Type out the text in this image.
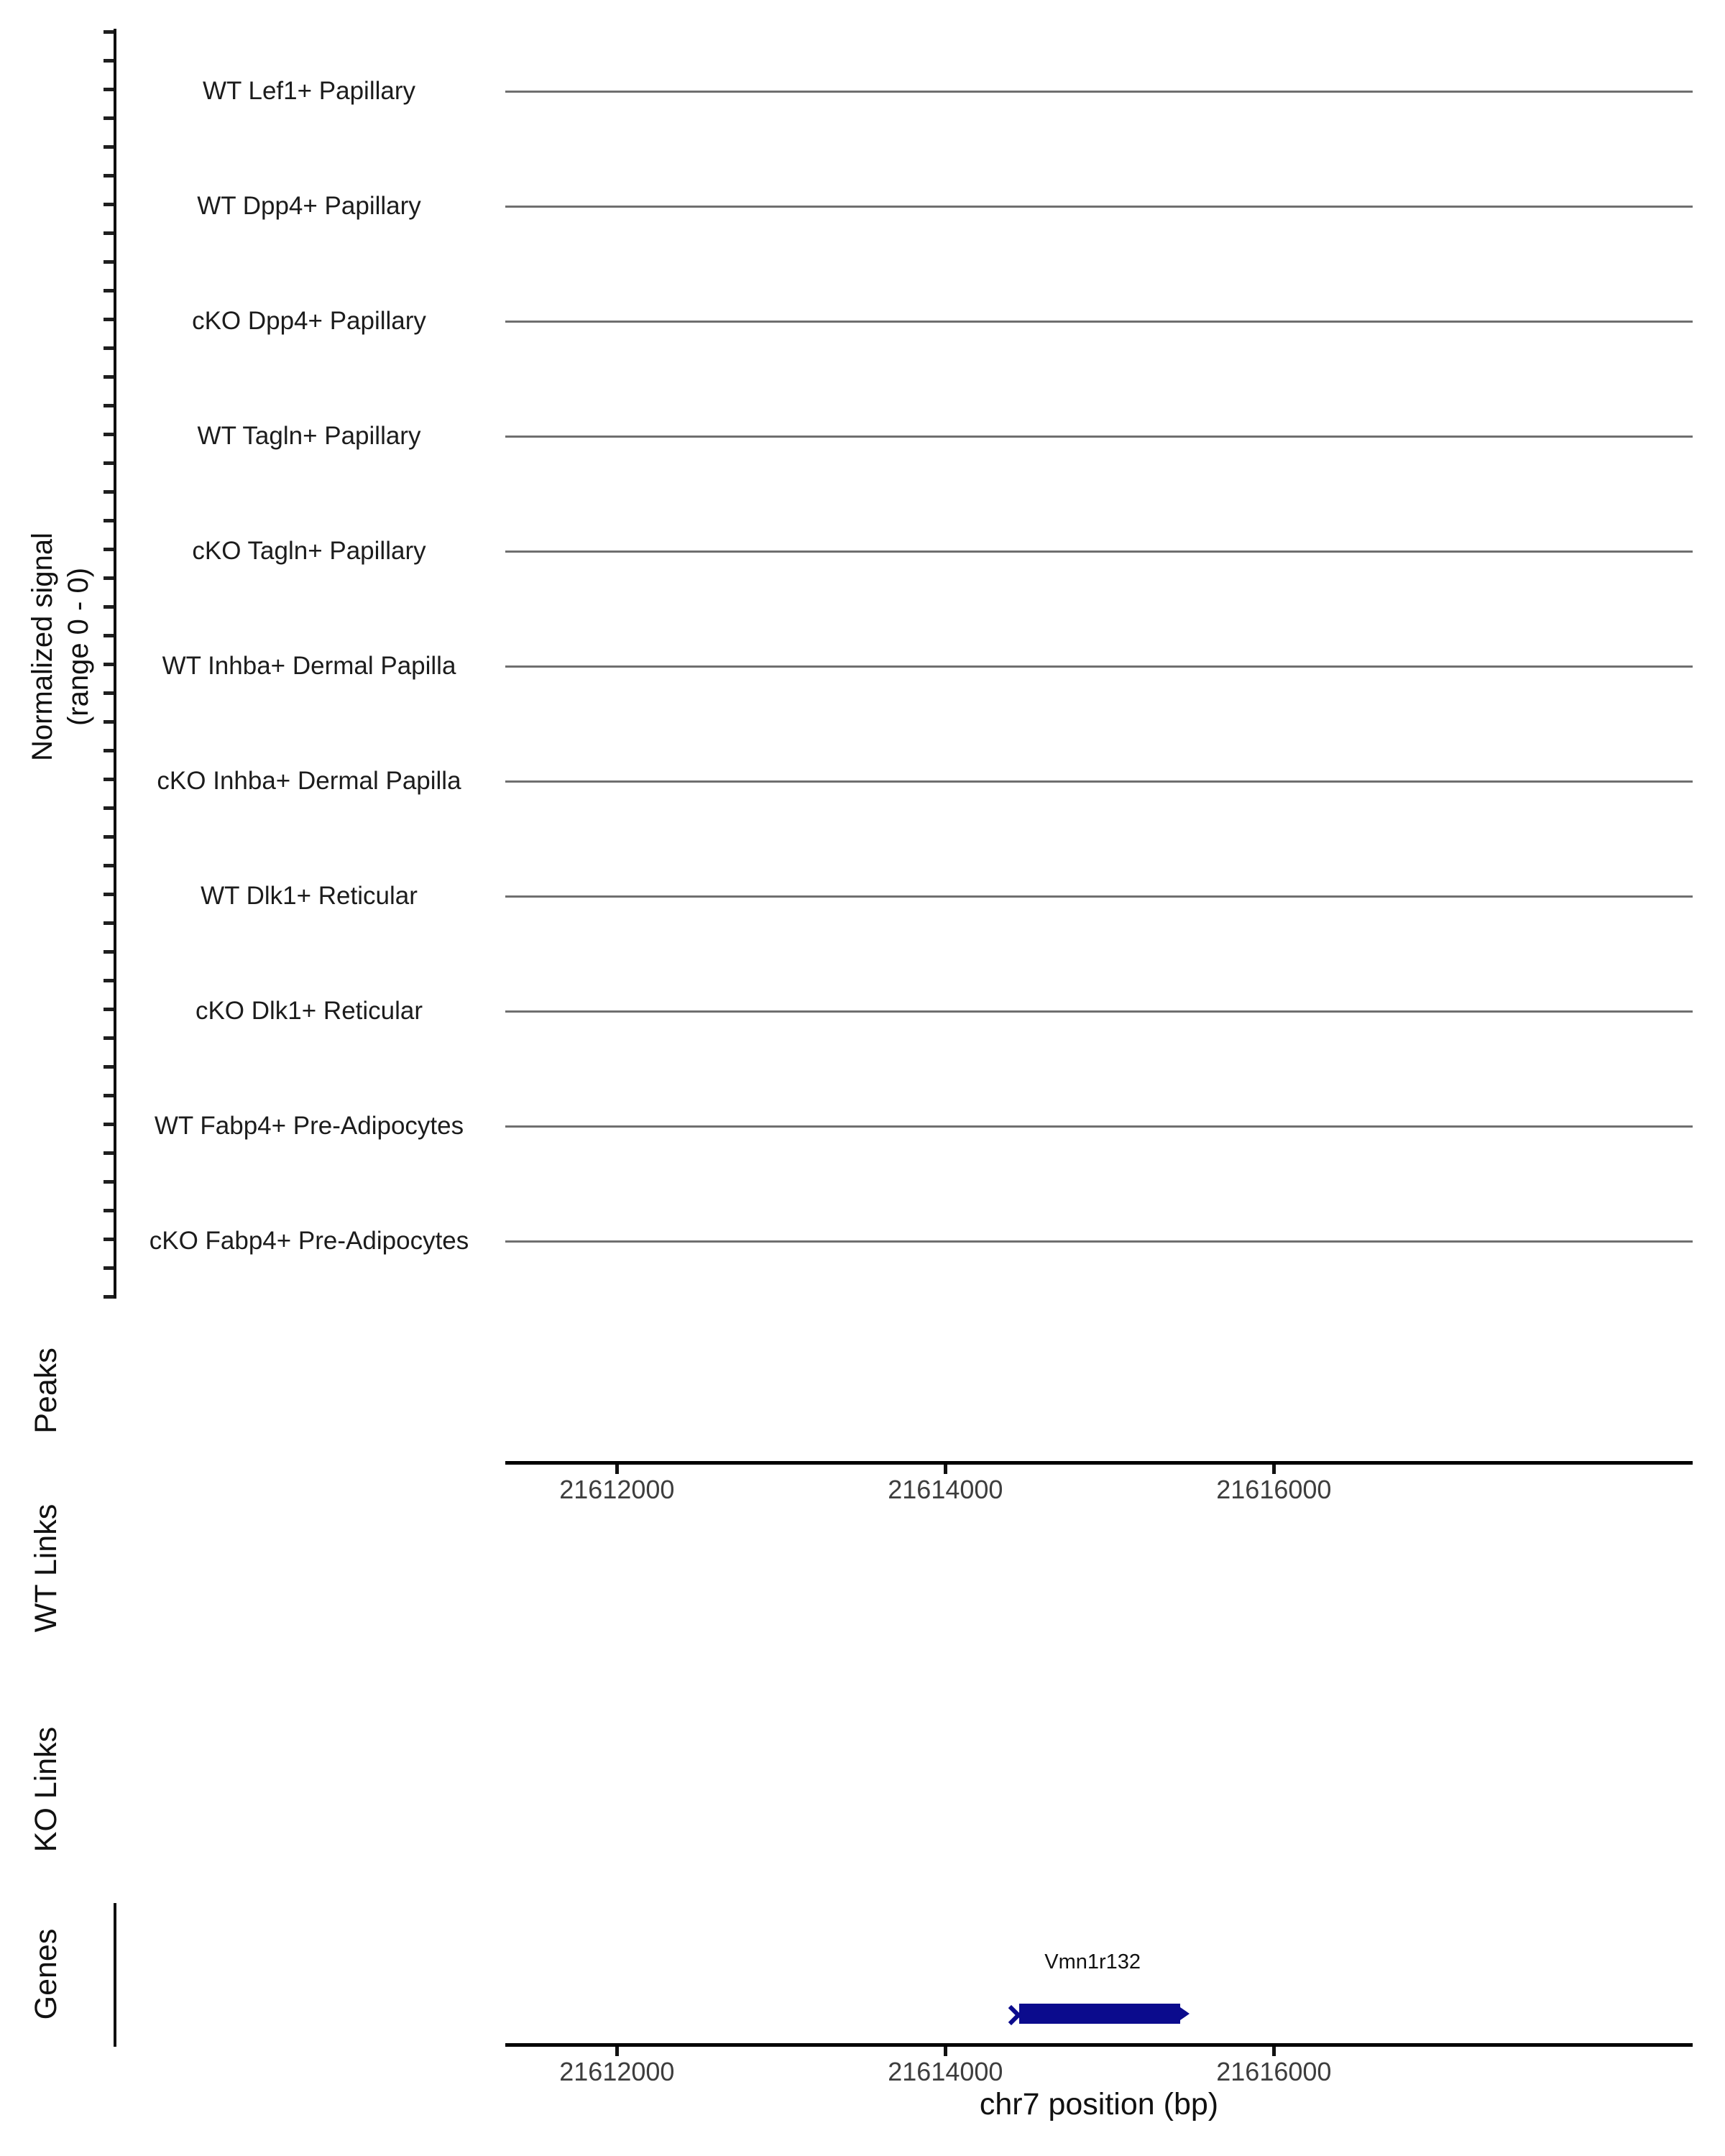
Normalized signal (range 0 - 0)
WT Lef1+ Papillary
WT Dpp4+ Papillary
cKO Dpp4+ Papillary
WT Tagln+ Papillary
cKO Tagln+ Papillary
WT Inhba+ Dermal Papilla
cKO Inhba+ Dermal Papilla
WT Dlk1+ Reticular
cKO Dlk1+ Reticular
WT Fabp4+ Pre-Adipocytes
cKO Fabp4+ Pre-Adipocytes
Peaks
WT Links
KO Links
Genes
21612000	21614000	21616000
Vmn1r132
chr7 position (bp)
21612000	21614000	21616000
